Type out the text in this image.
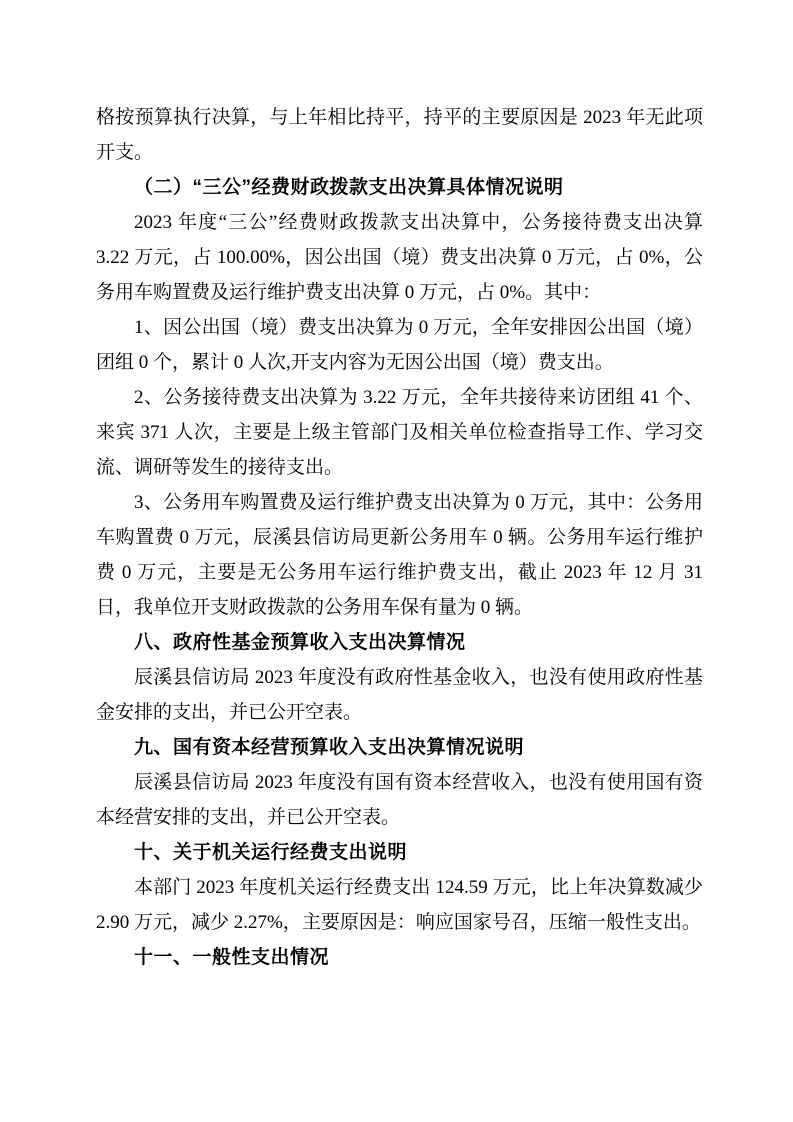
格按预算执行决算，与上年相比持平，持平的主要原因是 2023 年无此项开支。

（二）“三公”经费财政拨款支出决算具体情况说明

2023 年度“三公”经费财政拨款支出决算中，公务接待费支出决算 3.22 万元，占 100.00%，因公出国（境）费支出决算 0 万元，占 0%，公务用车购置费及运行维护费支出决算 0 万元，占 0%。其中：

1、因公出国（境）费支出决算为 0 万元，全年安排因公出国（境）团组 0 个，累计 0 人次,开支内容为无因公出国（境）费支出。

2、公务接待费支出决算为 3.22 万元，全年共接待来访团组 41 个、来宾 371 人次，主要是上级主管部门及相关单位检查指导工作、学习交流、调研等发生的接待支出。

3、公务用车购置费及运行维护费支出决算为 0 万元，其中：公务用车购置费 0 万元，辰溪县信访局更新公务用车 0 辆。公务用车运行维护费 0 万元，主要是无公务用车运行维护费支出，截止 2023 年 12 月 31 日，我单位开支财政拨款的公务用车保有量为 0 辆。

八、政府性基金预算收入支出决算情况

辰溪县信访局 2023 年度没有政府性基金收入，也没有使用政府性基金安排的支出，并已公开空表。

九、国有资本经营预算收入支出决算情况说明

辰溪县信访局 2023 年度没有国有资本经营收入，也没有使用国有资本经营安排的支出，并已公开空表。

十、关于机关运行经费支出说明

本部门 2023 年度机关运行经费支出 124.59 万元，比上年决算数减少 2.90 万元，减少 2.27%，主要原因是：响应国家号召，压缩一般性支出。

十一、一般性支出情况
